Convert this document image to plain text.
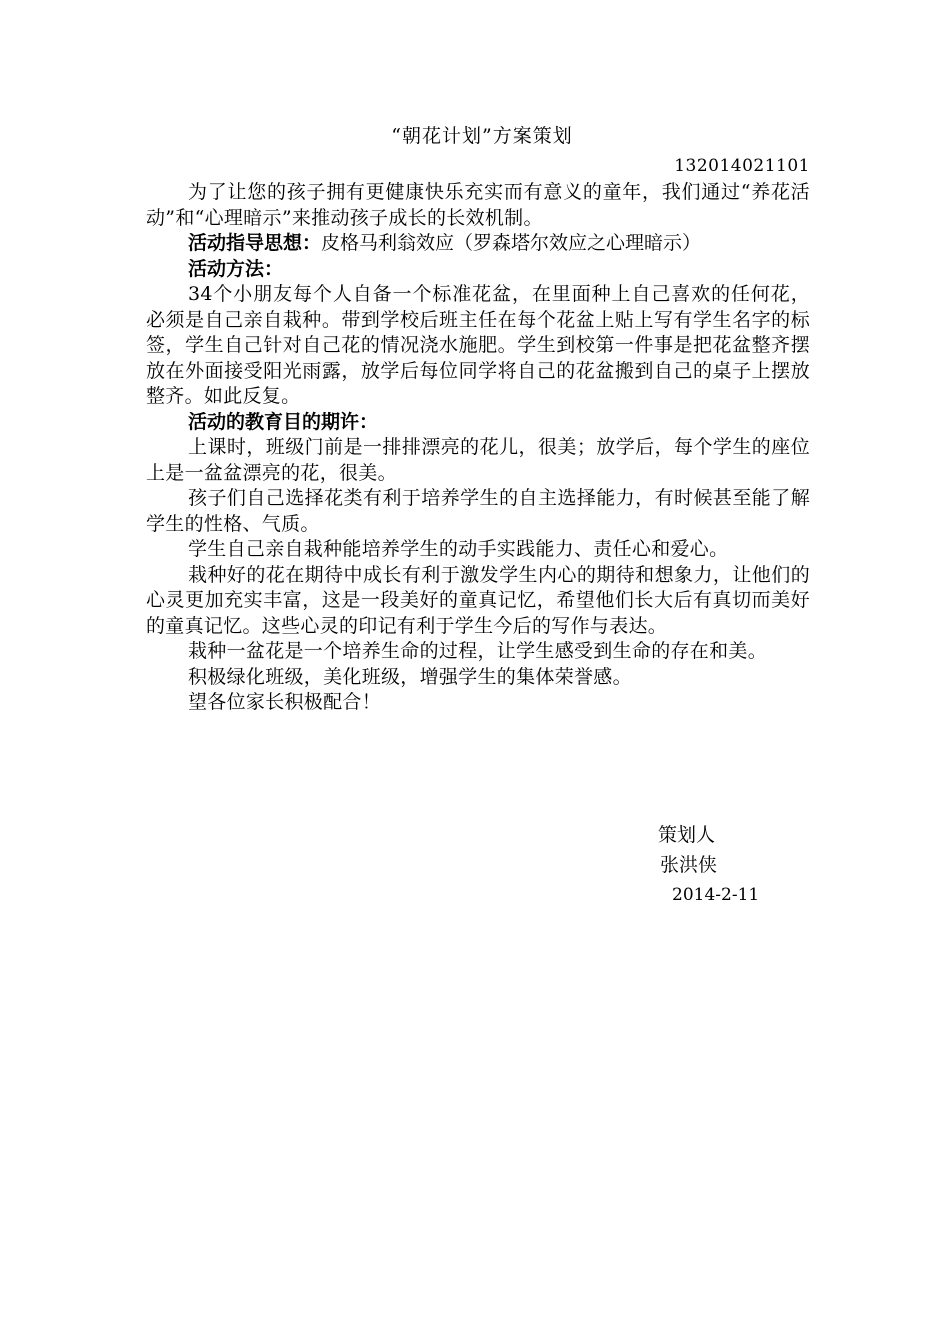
“朝花计划”方案策划

132014021101

为了让您的孩子拥有更健康快乐充实而有意义的童年，我们通过“养花活动”和“心理暗示”来推动孩子成长的长效机制。

活动指导思想：皮格马利翁效应（罗森塔尔效应之心理暗示）

活动方法：

34个小朋友每个人自备一个标准花盆，在里面种上自己喜欢的任何花，必须是自己亲自栽种。带到学校后班主任在每个花盆上贴上写有学生名字的标签，学生自己针对自己花的情况浇水施肥。学生到校第一件事是把花盆整齐摆放在外面接受阳光雨露，放学后每位同学将自己的花盆搬到自己的桌子上摆放整齐。如此反复。

活动的教育目的期许：

上课时，班级门前是一排排漂亮的花儿，很美；放学后，每个学生的座位上是一盆盆漂亮的花，很美。

孩子们自己选择花类有利于培养学生的自主选择能力，有时候甚至能了解学生的性格、气质。

学生自己亲自栽种能培养学生的动手实践能力、责任心和爱心。

栽种好的花在期待中成长有利于激发学生内心的期待和想象力，让他们的心灵更加充实丰富，这是一段美好的童真记忆，希望他们长大后有真切而美好的童真记忆。这些心灵的印记有利于学生今后的写作与表达。

栽种一盆花是一个培养生命的过程，让学生感受到生命的存在和美。

积极绿化班级，美化班级，增强学生的集体荣誉感。

望各位家长积极配合！

策划人
张洪侠
2014-2-11
